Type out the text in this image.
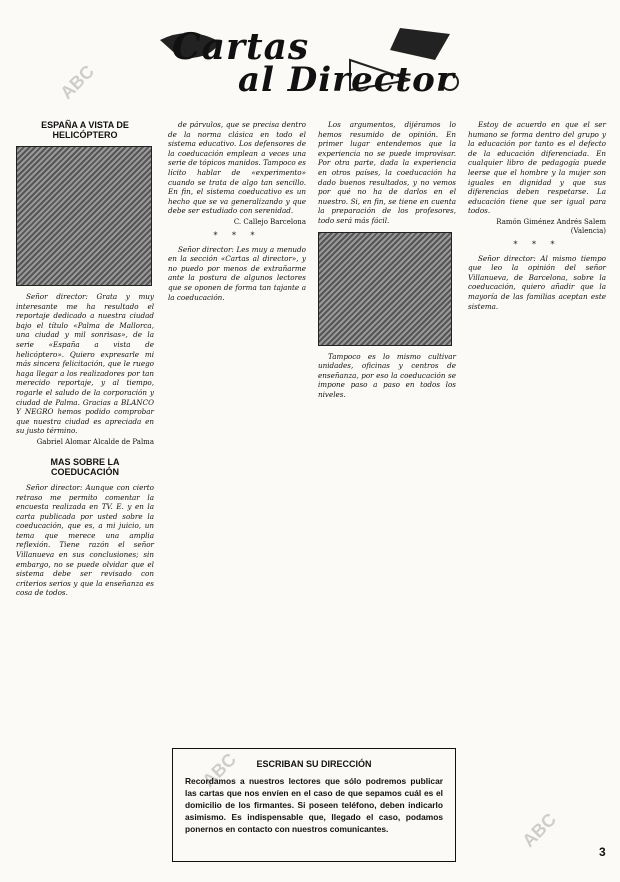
Cartas
al Director
ESPAÑA A VISTA DE HELICÓPTERO

Señor director: Grata y muy interesante me ha resultado el reportaje dedicado a nuestra ciudad bajo el título «Palma de Mallorca, una ciudad y mil sonrisas», de la serie «España a vista de helicóptero». Quiero expresarle mi más sincera felicitación, que le ruego haga llegar a los realizadores por tan merecido reportaje, y al tiempo, rogarle el saludo de la corporación y ciudad de Palma. Gracias a BLANCO Y NEGRO hemos podido comprobar que nuestra ciudad es apreciada en su justo término.

Gabriel Alomar Alcalde de Palma
MAS SOBRE LA COEDUCACIÓN

Señor director: Aunque con cierto retraso me permito comentar la encuesta realizada en TV. E. y en la carta publicada por usted sobre la coeducación, que es, a mi juicio, un tema que merece una amplia reflexión. Tiene razón el señor Villanueva en sus conclusiones; sin embargo, no se puede olvidar que el sistema debe ser revisado con criterios serios y que la enseñanza es cosa de todos.

de párvulos, que se precisa dentro de la norma clásica en todo el sistema educativo. Los defensores de la coeducación emplean a veces una serie de tópicos manidos. Tampoco es lícito hablar de «experimento» cuando se trata de algo tan sencillo. En fin, el sistema coeducativo es un hecho que se va generalizando y que debe ser estudiado con serenidad.

C. Callejo Barcelona
* * *

Señor director: Les muy a menudo en la sección «Cartas al director», y no puedo por menos de extrañarme ante la postura de algunos lectores que se oponen de forma tan tajante a la coeducación.

Los argumentos, dijéramos lo hemos resumido de opinión. En primer lugar entendemos que la experiencia no se puede improvisar. Por otra parte, dada la experiencia en otros países, la coeducación ha dado buenos resultados, y no vemos por qué no ha de darlos en el nuestro. Si, en fin, se tiene en cuenta la preparación de los profesores, todo será más fácil.

Tampoco es lo mismo cultivar unidades, oficinas y centros de enseñanza, por eso la coeducación se impone paso a paso en todos los niveles.

Estoy de acuerdo en que el ser humano se forma dentro del grupo y la educación por tanto es el defecto de la educación diferenciada. En cualquier libro de pedagogía puede leerse que el hombre y la mujer son iguales en dignidad y que sus diferencias deben respetarse. La educación tiene que ser igual para todos.

Ramón Giménez Andrés Salem (Valencia)
* * *

Señor director: Al mismo tiempo que leo la opinión del señor Villanueva, de Barcelona, sobre la coeducación, quiero añadir que la mayoría de las familias aceptan este sistema.

ESCRIBAN SU DIRECCIÓN
Recordamos a nuestros lectores que sólo podremos publicar las cartas que nos envíen en el caso de que sepamos cuál es el domicilio de los firmantes. Si poseen teléfono, deben indicarlo asimismo. Es indispensable que, llegado el caso, podamos ponernos en contacto con nuestros comunicantes.
ABC
ABC
ABC
3
